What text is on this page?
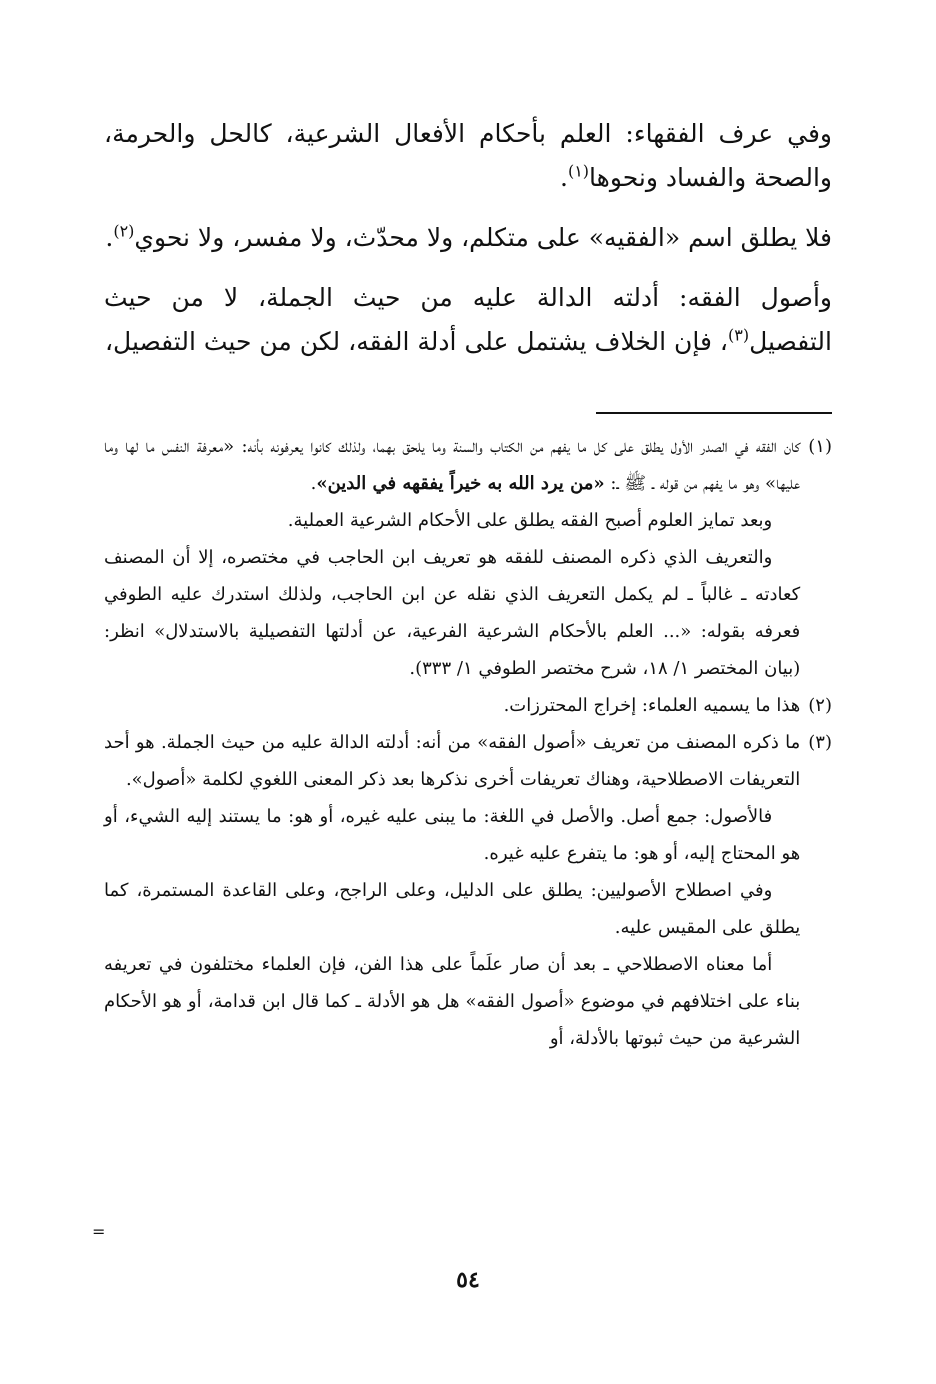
وفي عرف الفقهاء: العلم بأحكام الأفعال الشرعية، كالحل والحرمة، والصحة والفساد ونحوها$^{(١)}$.

فلا يطلق اسم «الفقيه» على متكلم، ولا محدّث، ولا مفسر، ولا نحوي$^{(٢)}$.

وأصول الفقه: أدلته الدالة عليه من حيث الجملة، لا من حيث التفصيل$^{(٣)}$، فإن الخلاف يشتمل على أدلة الفقه، لكن من حيث التفصيل،

(١)

كان الفقه في الصدر الأول يطلق على كل ما يفهم من الكتاب والسنة وما يلحق بهما، ولذلك كانوا يعرفونه بأنه: «معرفة النفس ما لها وما عليها» وهو ما يفهم من قوله ـ ﷺ ـ: «من يرد الله به خيراً يفقهه في الدين».

وبعد تمايز العلوم أصبح الفقه يطلق على الأحكام الشرعية العملية.

والتعريف الذي ذكره المصنف للفقه هو تعريف ابن الحاجب في مختصره، إلا أن المصنف كعادته ـ غالباً ـ لم يكمل التعريف الذي نقله عن ابن الحاجب، ولذلك استدرك عليه الطوفي فعرفه بقوله: «... العلم بالأحكام الشرعية الفرعية، عن أدلتها التفصيلية بالاستدلال» انظر: (بيان المختصر ١/ ١٨، شرح مختصر الطوفي ١/ ٣٣٣).

(٢)

هذا ما يسميه العلماء: إخراج المحترزات.

(٣)

ما ذكره المصنف من تعريف «أصول الفقه» من أنه: أدلته الدالة عليه من حيث الجملة. هو أحد التعريفات الاصطلاحية، وهناك تعريفات أخرى نذكرها بعد ذكر المعنى اللغوي لكلمة «أصول».

فالأصول: جمع أصل. والأصل في اللغة: ما يبنى عليه غيره، أو هو: ما يستند إليه الشيء، أو هو المحتاج إليه، أو هو: ما يتفرع عليه غيره.

وفي اصطلاح الأصوليين: يطلق على الدليل، وعلى الراجح، وعلى القاعدة المستمرة، كما يطلق على المقيس عليه.

أما معناه الاصطلاحي ـ بعد أن صار علَماً على هذا الفن، فإن العلماء مختلفون في تعريفه بناء على اختلافهم في موضوع «أصول الفقه» هل هو الأدلة ـ كما قال ابن قدامة، أو هو الأحكام الشرعية من حيث ثبوتها بالأدلة، أو

=
٥٤
